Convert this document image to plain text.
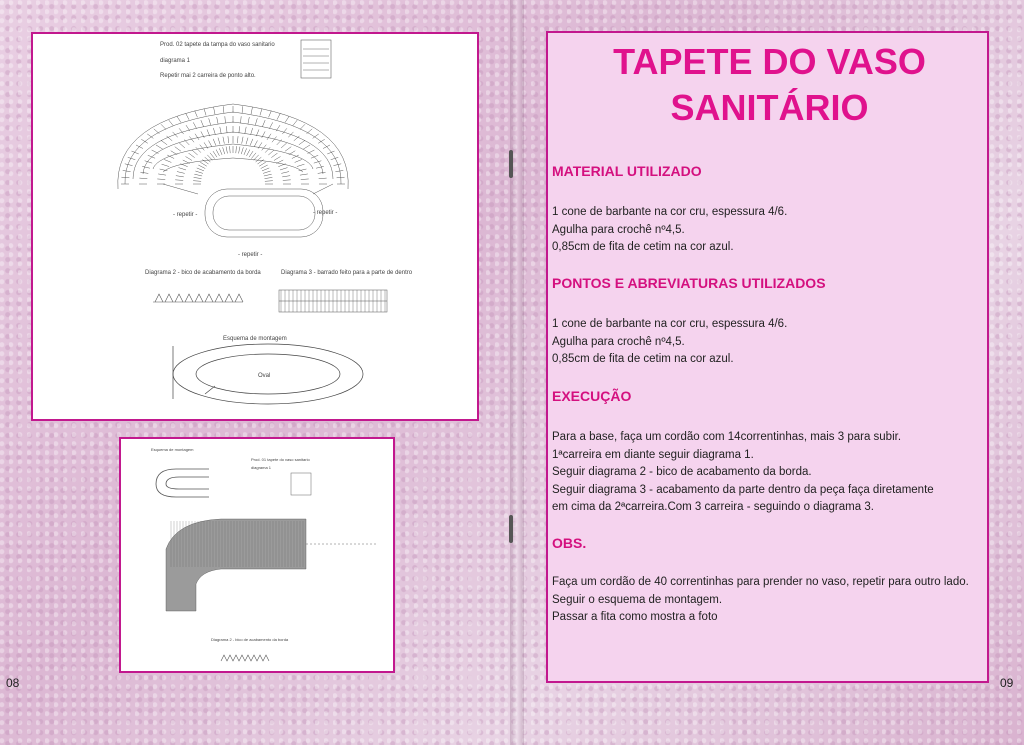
Prod. 02 tapete da tampa do vaso sanitario
diagrama 1
Repetir mai 2 carreira de ponto alto.
- repetir -	- repetir -
- repetir -
Diagrama 2 - bico de acabamento da borda	Diagrama 3 - barrado feito para a parte de dentro
Esquema de montagem
Oval
Esquema de montagem
Prod. 01 tapete do vaso sanitario
diagrama 1
Diagrama 2 - bico de acabamento da borda
08	09
TAPETE DO VASO
SANITÁRIO
MATERIAL UTILIZADO
1 cone de barbante na cor cru, espessura 4/6.
Agulha para crochê nº4,5.
0,85cm de fita de cetim na cor azul.
PONTOS E ABREVIATURAS UTILIZADOS
1 cone de barbante na cor cru, espessura 4/6.
Agulha para crochê nº4,5.
0,85cm de fita de cetim na cor azul.
EXECUÇÃO
Para a base, faça um cordão com 14correntinhas, mais 3 para subir.
1ªcarreira em diante seguir diagrama 1.
Seguir diagrama 2 - bico de acabamento da borda.
Seguir diagrama 3 - acabamento da parte dentro da peça faça diretamente
em cima da 2ªcarreira.Com 3 carreira - seguindo o diagrama 3.
OBS.
Faça um cordão de 40 correntinhas para prender no vaso, repetir para outro lado.
Seguir o esquema de montagem.
Passar a fita como mostra a foto
